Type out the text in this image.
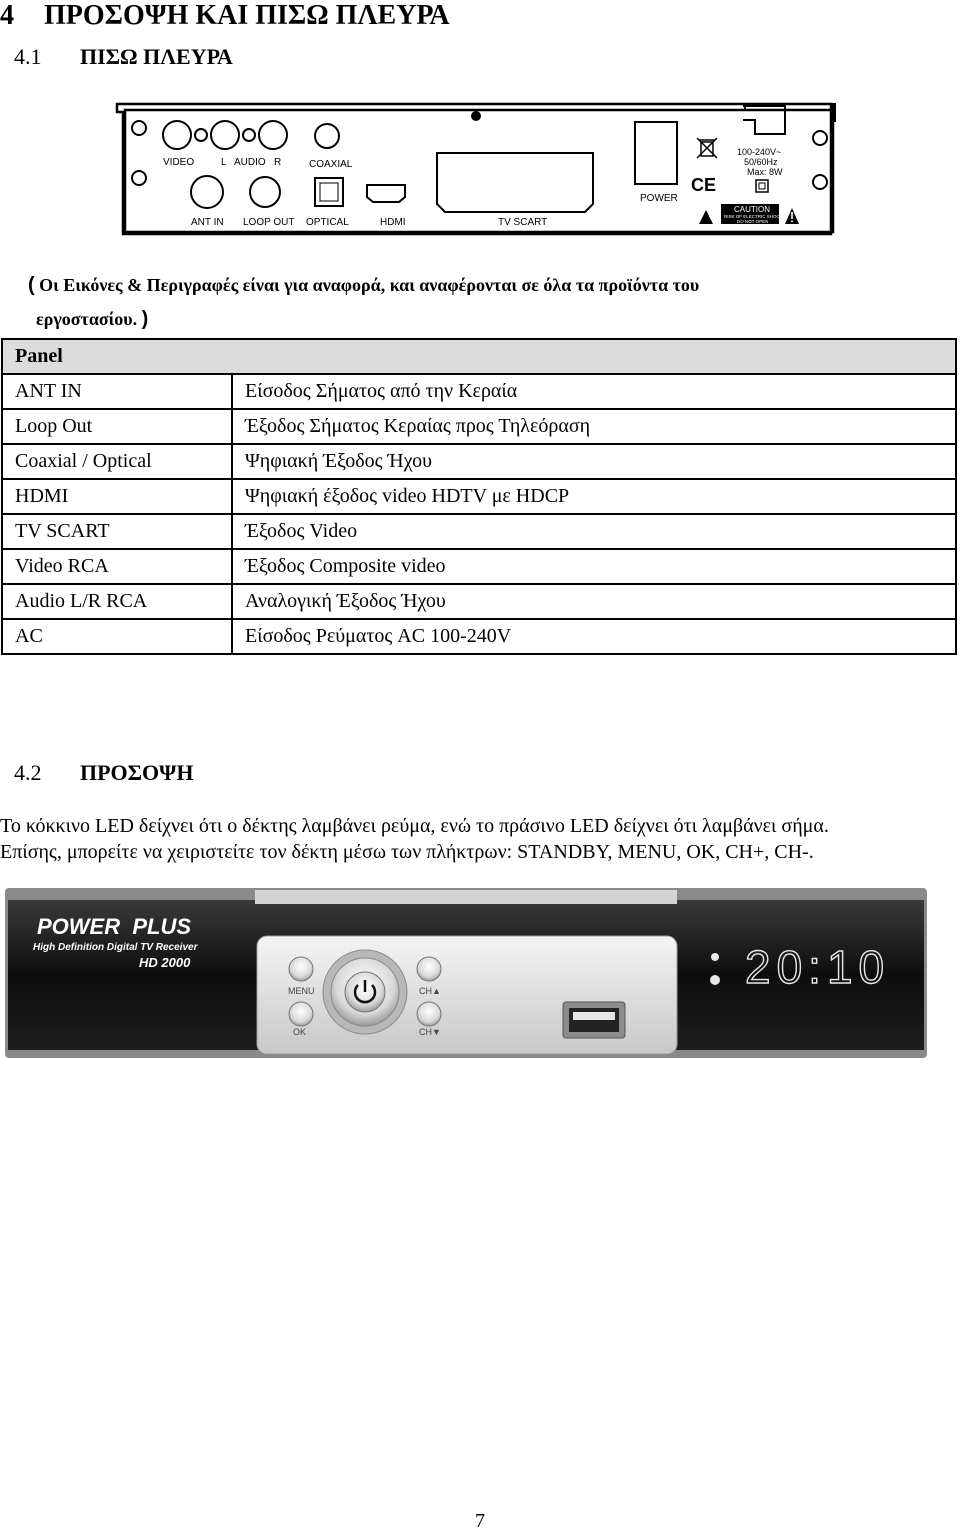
4 ΠΡΟΣΟΨΗ ΚΑΙ ΠΙΣΩ ΠΛΕΥΡΑ
4.1 ΠΙΣΩ ΠΛΕΥΡΑ
VIDEO	L   AUDIO   R	COAXIAL
ANT IN LOOP OUT OPTICAL	HDMI	TV SCART
POWER
CE
100-240V~
50/60Hz
Max: 8W
CAUTION
RISK OF ELECTRIC SHOCK
DO NOT OPEN
( Οι Εικόνες & Περιγραφές είναι για αναφορά, και αναφέρονται σε όλα τα προϊόντα του
εργοστασίου. )
Panel	
ANT IN	Είσοδος Σήματος από την Κεραία
Loop Out	Έξοδος Σήματος Κεραίας προς Τηλεόραση
Coaxial / Optical	Ψηφιακή Έξοδος Ήχου
HDMI	Ψηφιακή έξοδος video HDTV με HDCP
TV SCART	Έξοδος Video
Video RCA	Έξοδος Composite video
Audio L/R RCA	Αναλογική Έξοδος Ήχου
AC	Είσοδος Ρεύματος AC 100-240V
4.2 ΠΡΟΣΟΨΗ
Το κόκκινο LED δείχνει ότι ο δέκτης λαμβάνει ρεύμα, ενώ το πράσινο LED δείχνει ότι λαμβάνει σήμα.
Επίσης, μπορείτε να χειριστείτε τον δέκτη μέσω των πλήκτρων: STANDBY, MENU, OK, CH+, CH-.
POWER  PLUS
High Definition Digital TV Receiver
HD 2000
MENU
OK
CH▲
CH▼
20:10
7
